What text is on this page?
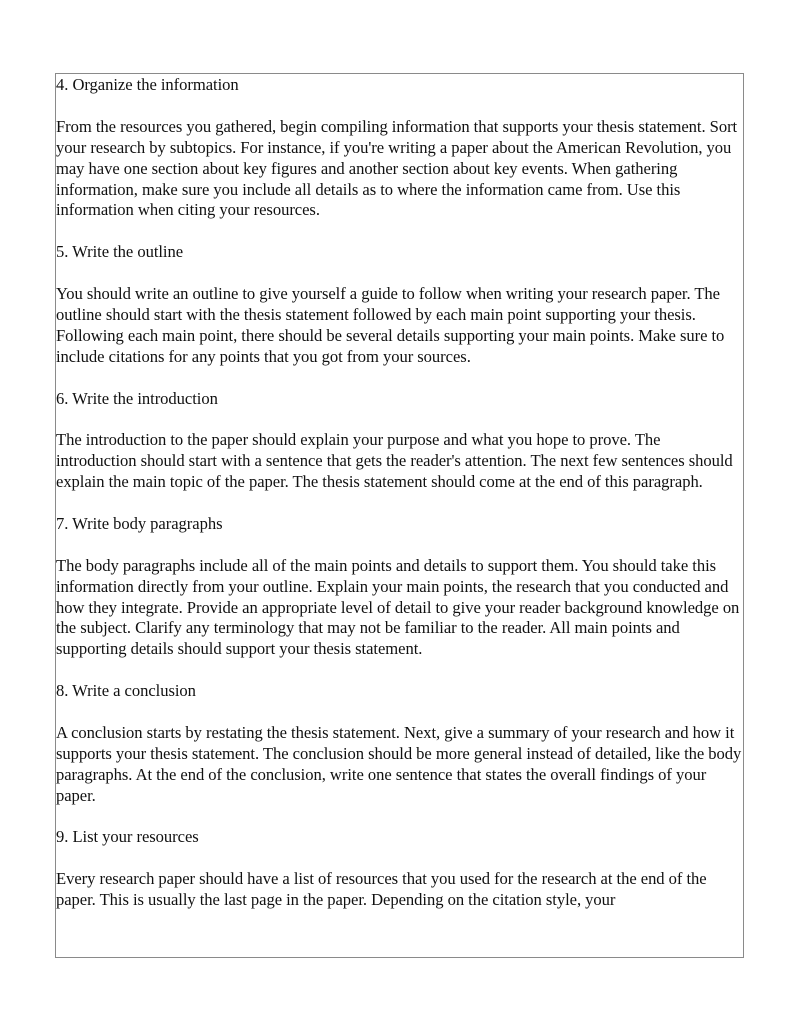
4. Organize the information
From the resources you gathered, begin compiling information that supports your thesis statement. Sort your research by subtopics. For instance, if you're writing a paper about the American Revolution, you may have one section about key figures and another section about key events. When gathering information, make sure you include all details as to where the information came from. Use this information when citing your resources.
5. Write the outline
You should write an outline to give yourself a guide to follow when writing your research paper. The outline should start with the thesis statement followed by each main point supporting your thesis. Following each main point, there should be several details supporting your main points. Make sure to include citations for any points that you got from your sources.
6. Write the introduction
The introduction to the paper should explain your purpose and what you hope to prove. The introduction should start with a sentence that gets the reader's attention. The next few sentences should explain the main topic of the paper. The thesis statement should come at the end of this paragraph.
7. Write body paragraphs
The body paragraphs include all of the main points and details to support them. You should take this information directly from your outline. Explain your main points, the research that you conducted and how they integrate. Provide an appropriate level of detail to give your reader background knowledge on the subject. Clarify any terminology that may not be familiar to the reader. All main points and supporting details should support your thesis statement.
8. Write a conclusion
A conclusion starts by restating the thesis statement. Next, give a summary of your research and how it supports your thesis statement. The conclusion should be more general instead of detailed, like the body paragraphs. At the end of the conclusion, write one sentence that states the overall findings of your paper.
9. List your resources
Every research paper should have a list of resources that you used for the research at the end of the paper. This is usually the last page in the paper. Depending on the citation style, your
